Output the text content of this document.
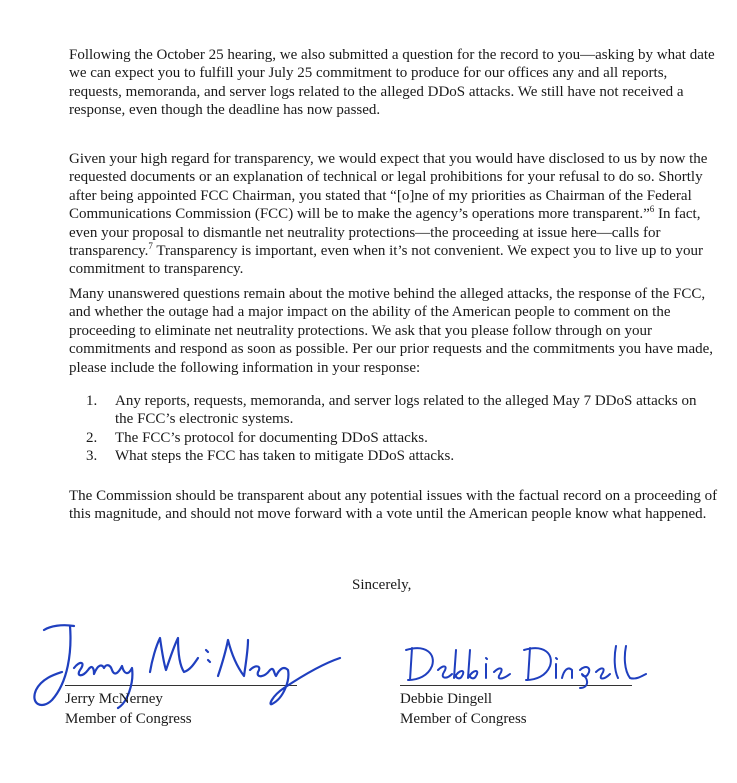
Following the October 25 hearing, we also submitted a question for the record to you—asking by what date we can expect you to fulfill your July 25 commitment to produce for our offices any and all reports, requests, memoranda, and server logs related to the alleged DDoS attacks. We still have not received a response, even though the deadline has now passed.

Given your high regard for transparency, we would expect that you would have disclosed to us by now the requested documents or an explanation of technical or legal prohibitions for your refusal to do so. Shortly after being appointed FCC Chairman, you stated that “[o]ne of my priorities as Chairman of the Federal Communications Commission (FCC) will be to make the agency’s operations more transparent.”$^6$ In fact, even your proposal to dismantle net neutrality protections—the proceeding at issue here—calls for transparency.$^7$ Transparency is important, even when it’s not convenient. We expect you to live up to your commitment to transparency.

Many unanswered questions remain about the motive behind the alleged attacks, the response of the FCC, and whether the outage had a major impact on the ability of the American people to comment on the proceeding to eliminate net neutrality protections. We ask that you please follow through on your commitments and respond as soon as possible. Per our prior requests and the commitments you have made, please include the following information in your response:

1. Any reports, requests, memoranda, and server logs related to the alleged May 7 DDoS attacks on the FCC’s electronic systems.
2. The FCC’s protocol for documenting DDoS attacks.
3. What steps the FCC has taken to mitigate DDoS attacks.

The Commission should be transparent about any potential issues with the factual record on a proceeding of this magnitude, and should not move forward with a vote until the American people know what happened.

Sincerely,
Jerry McNerney
Member of Congress
Debbie Dingell
Member of Congress
